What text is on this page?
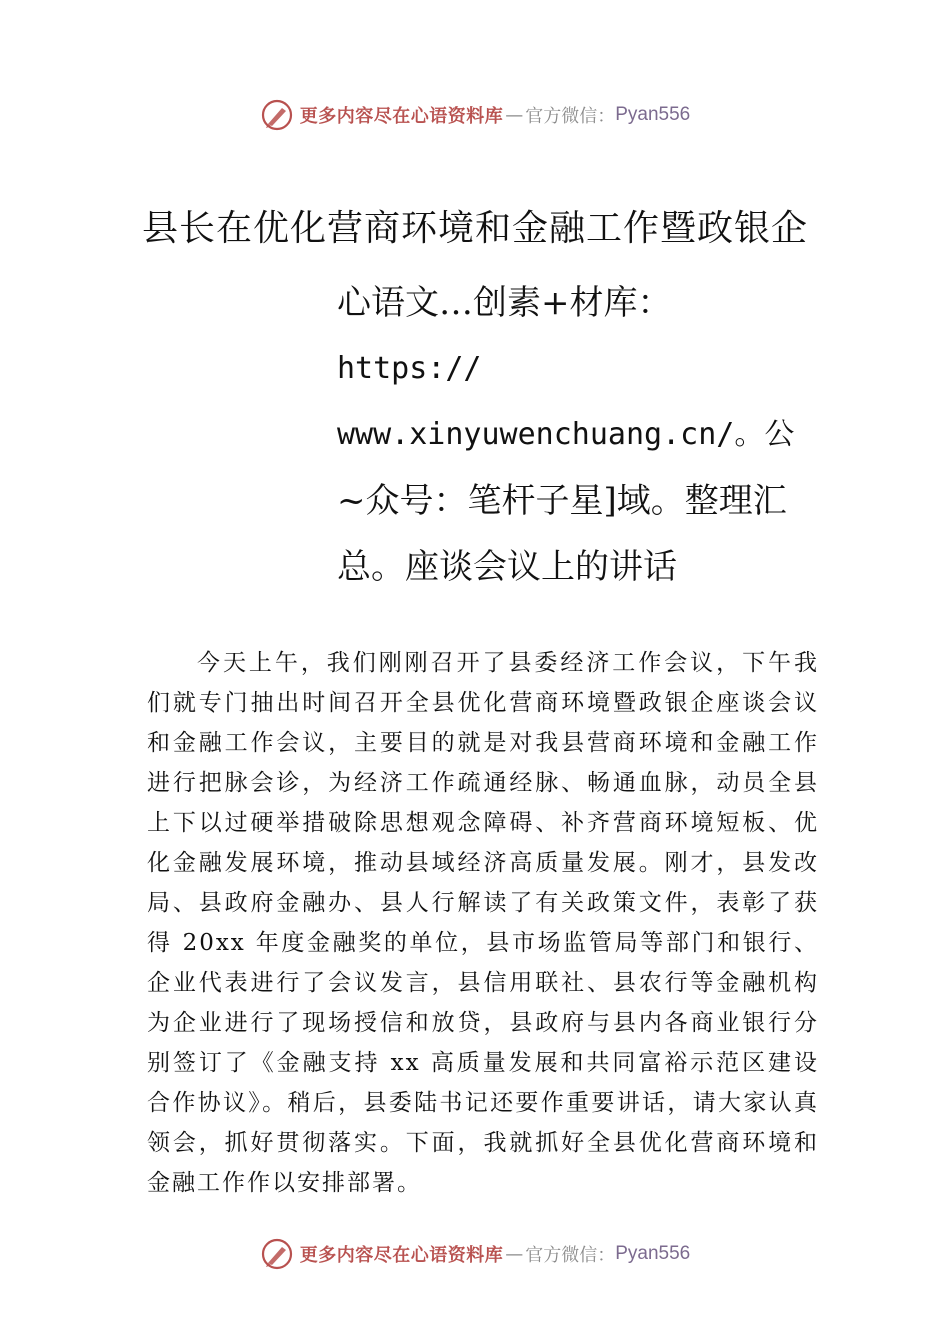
更多内容尽在心语资料库 — 官方微信： Pyan556
县长在优化营商环境和金融工作暨政银企
心语文…创素+材库：
https://
www.xinyuwenchuang.cn/。公
~众号：笔杆子星]域。整理汇
总。座谈会议上的讲话
今天上午，我们刚刚召开了县委经济工作会议，下午我们就专门抽出时间召开全县优化营商环境暨政银企座谈会议和金融工作会议，主要目的就是对我县营商环境和金融工作进行把脉会诊，为经济工作疏通经脉、畅通血脉，动员全县上下以过硬举措破除思想观念障碍、补齐营商环境短板、优化金融发展环境，推动县域经济高质量发展。刚才，县发改局、县政府金融办、县人行解读了有关政策文件，表彰了获得 20xx 年度金融奖的单位，县市场监管局等部门和银行、企业代表进行了会议发言，县信用联社、县农行等金融机构为企业进行了现场授信和放贷，县政府与县内各商业银行分别签订了《金融支持 xx 高质量发展和共同富裕示范区建设合作协议》。稍后，县委陆书记还要作重要讲话，请大家认真领会，抓好贯彻落实。下面，我就抓好全县优化营商环境和金融工作作以安排部署。
更多内容尽在心语资料库 — 官方微信： Pyan556
